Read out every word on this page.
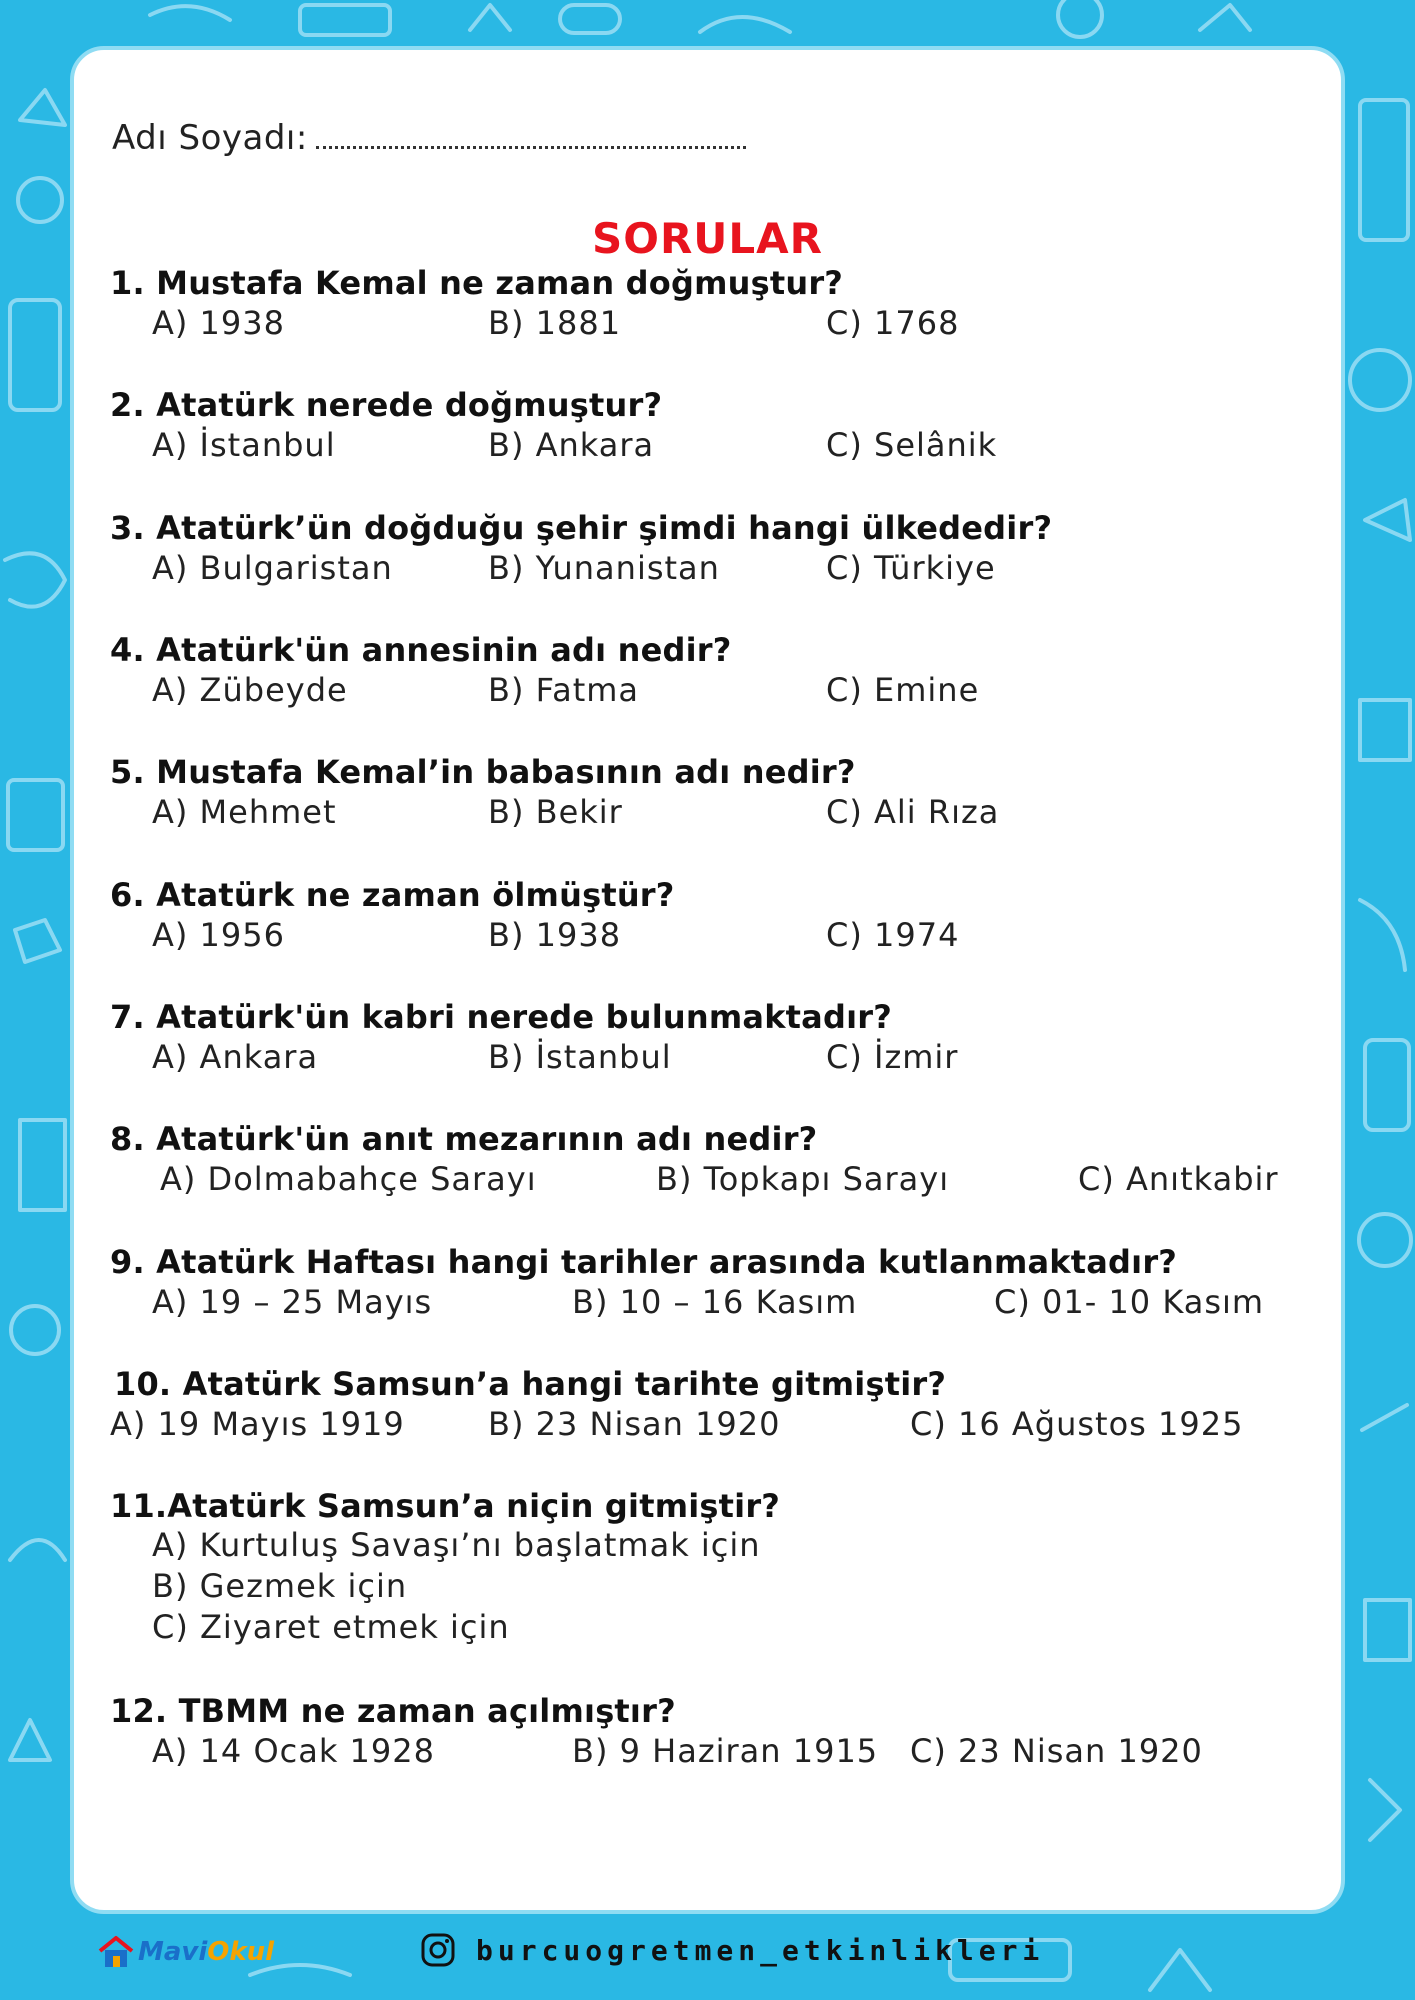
Adı Soyadı:
SORULAR
1. Mustafa Kemal ne zaman doğmuştur?
A) 1938	B) 1881	C) 1768
2. Atatürk nerede doğmuştur?
A) İstanbul	B) Ankara	C) Selânik
3. Atatürk’ün doğduğu şehir şimdi hangi ülkededir?
A) Bulgaristan	B) Yunanistan	C) Türkiye
4. Atatürk'ün annesinin adı nedir?
A) Zübeyde	B) Fatma	C) Emine
5. Mustafa Kemal’in babasının adı nedir?
A) Mehmet	B) Bekir	C) Ali Rıza
6. Atatürk ne zaman ölmüştür?
A) 1956	B) 1938	C) 1974
7. Atatürk'ün kabri nerede bulunmaktadır?
A) Ankara	B) İstanbul	C) İzmir
8. Atatürk'ün anıt mezarının adı nedir?
A) Dolmabahçe Sarayı	B) Topkapı Sarayı	C) Anıtkabir
9. Atatürk Haftası hangi tarihler arasında kutlanmaktadır?
A) 19 – 25 Mayıs	B) 10 – 16 Kasım	C) 01- 10 Kasım
10. Atatürk Samsun’a hangi tarihte gitmiştir?
A) 19 Mayıs 1919	B) 23 Nisan 1920	C) 16 Ağustos 1925
11.Atatürk Samsun’a niçin gitmiştir?
A) Kurtuluş Savaşı’nı başlatmak için
B) Gezmek için
C) Ziyaret etmek için
12. TBMM ne zaman açılmıştır?
A) 14 Ocak 1928	B) 9 Haziran 1915 C) 23 Nisan 1920
MaviOkul	burcuogretmen_etkinlikleri
